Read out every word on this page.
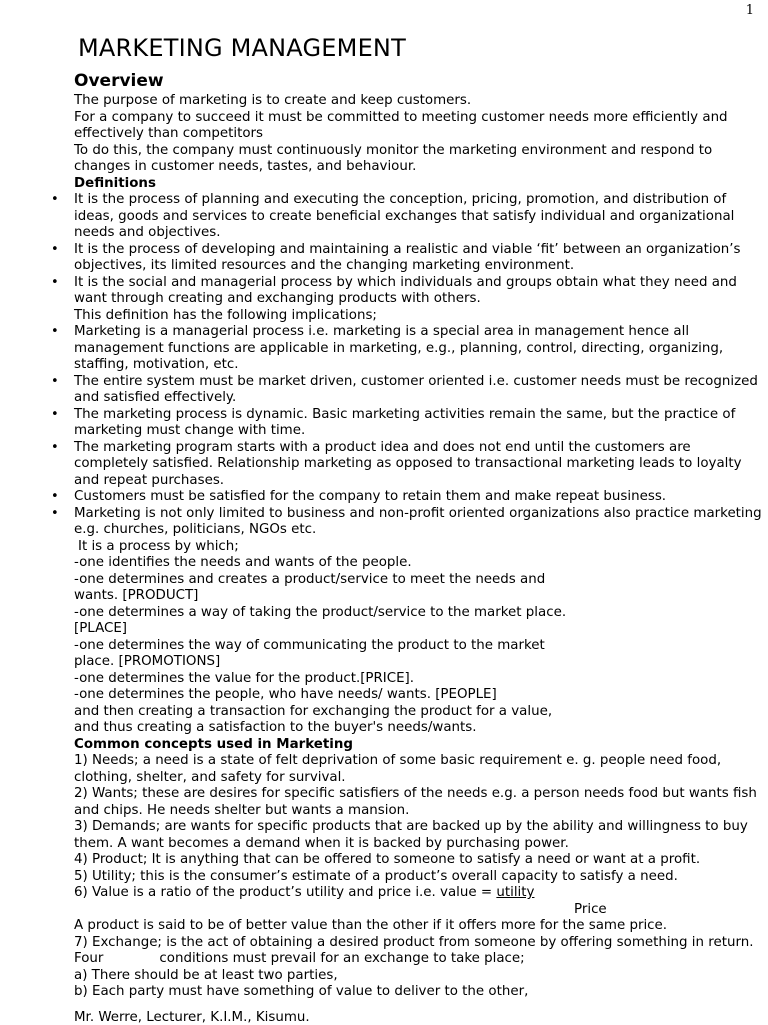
1
MARKETING MANAGEMENT
Overview

The purpose of marketing is to create and keep customers.

For a company to succeed it must be committed to meeting customer needs more efficiently and effectively than competitors

To do this, the company must continuously monitor the marketing environment and respond to changes in customer needs, tastes, and behaviour.

Definitions
• It is the process of planning and executing the conception, pricing, promotion, and distribution of ideas, goods and services to create beneficial exchanges that satisfy individual and organizational needs and objectives.
• It is the process of developing and maintaining a realistic and viable ‘fit’ between an organization’s objectives, its limited resources and the changing marketing environment.
• It is the social and managerial process by which individuals and groups obtain what they need and want through creating and exchanging products with others.

This definition has the following implications;

• Marketing is a managerial process i.e. marketing is a special area in management hence all management functions are applicable in marketing, e.g., planning, control, directing, organizing, staffing, motivation, etc.
• The entire system must be market driven, customer oriented i.e. customer needs must be recognized and satisfied effectively.
• The marketing process is dynamic. Basic marketing activities remain the same, but the practice of marketing must change with time.
• The marketing program starts with a product idea and does not end until the customers are completely satisfied. Relationship marketing as opposed to transactional marketing leads to loyalty and repeat purchases.
• Customers must be satisfied for the company to retain them and make repeat business.
• Marketing is not only limited to business and non-profit oriented organizations also practice marketing e.g. churches, politicians, NGOs etc.

It is a process by which;

-one identifies the needs and wants of the people.

-one determines and creates a product/service to meet the needs and wants. [PRODUCT]

-one determines a way of taking the product/service to the market place. [PLACE]

-one determines the way of communicating the product to the market place. [PROMOTIONS]

-one determines the value for the product.[PRICE].

-one determines the people, who have needs/ wants. [PEOPLE]

and then creating a transaction for exchanging the product for a value, and thus creating a satisfaction to the buyer's needs/wants.

Common concepts used in Marketing

1) Needs; a need is a state of felt deprivation of some basic requirement e. g. people need food, clothing, shelter, and safety for survival.

2) Wants; these are desires for specific satisfiers of the needs e.g. a person needs food but wants fish and chips. He needs shelter but wants a mansion.

3) Demands; are wants for specific products that are backed up by the ability and willingness to buy them. A want becomes a demand when it is backed by purchasing power.

4) Product; It is anything that can be offered to someone to satisfy a need or want at a profit.

5) Utility; this is the consumer’s estimate of a product’s overall capacity to satisfy a need.

6) Value is a ratio of the product’s utility and price i.e. value = utility

Price

A product is said to be of better value than the other if it offers more for the same price.

7) Exchange; is the act of obtaining a desired product from someone by offering something in return. Four	conditions must prevail for an exchange to take place;

a) There should be at least two parties,

b) Each party must have something of value to deliver to the other,

Mr. Werre, Lecturer, K.I.M., Kisumu.
